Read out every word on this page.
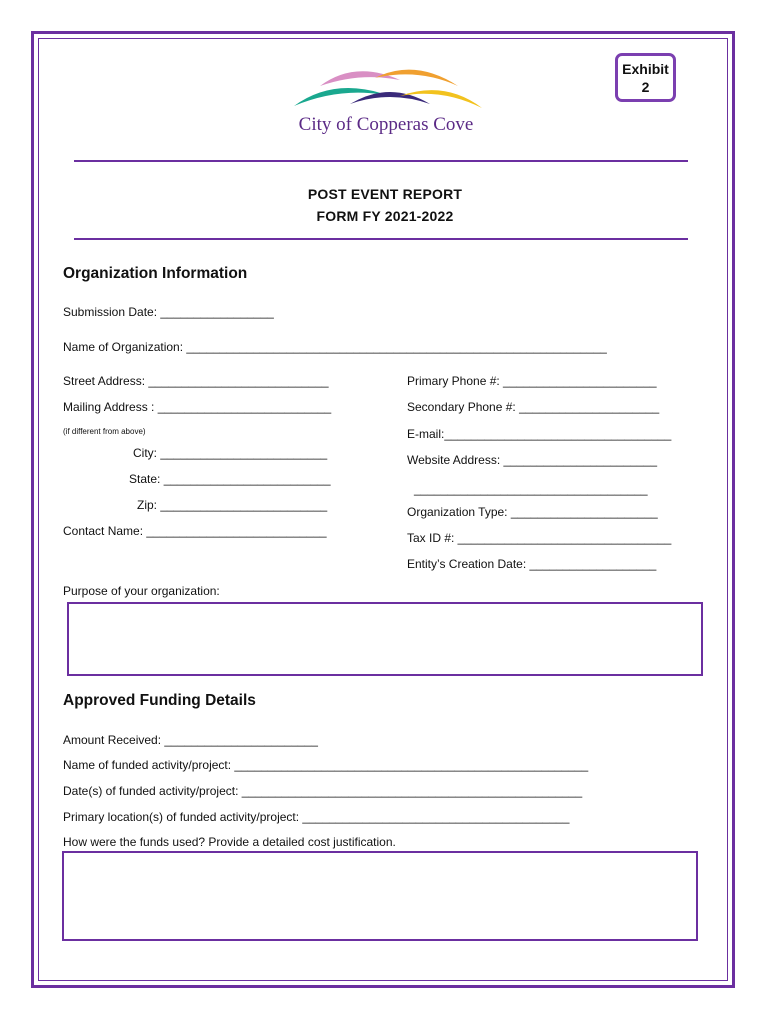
Exhibit
2
City of Copperas Cove
POST EVENT REPORT
FORM FY 2021-2022
Organization Information
Submission Date: _________________
Name of Organization: _______________________________________________________________
Street Address: ___________________________
Mailing Address : __________________________
(if different from above)
City: _________________________
State: _________________________
Zip: _________________________
Contact Name: ___________________________
Primary Phone #: _______________________
Secondary Phone #: _____________________
E-mail:__________________________________
Website Address: _______________________
___________________________________
Organization Type: ______________________
Tax ID #: ________________________________
Entity’s Creation Date: ___________________
Purpose of your organization:
Approved Funding Details
Amount Received: _______________________
Name of funded activity/project: _____________________________________________________
Date(s) of funded activity/project: ___________________________________________________
Primary location(s) of funded activity/project: ________________________________________
How were the funds used? Provide a detailed cost justification.
